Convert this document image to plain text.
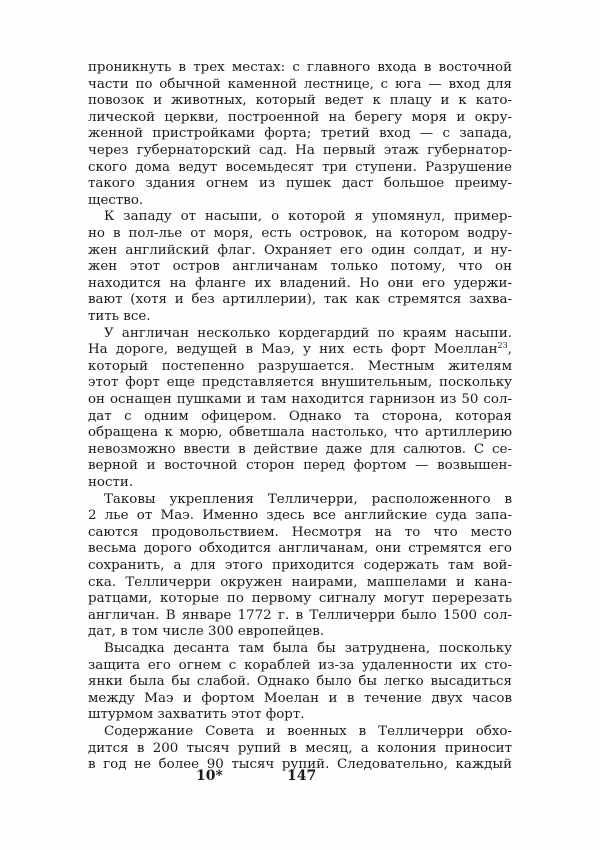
проникнуть в трех местах: с главного входа в восточной
части по обычной каменной лестнице, с юга — вход для
повозок и животных, который ведет к плацу и к като-
лической церкви, построенной на берегу моря и окру-
женной пристройками форта; третий вход — с запада,
через губернаторский сад. На первый этаж губернатор-
ского дома ведут восемьдесят три ступени. Разрушение
такого здания огнем из пушек даст большое преиму-
щество.
К западу от насыпи, о которой я упомянул, пример-
но в пол-лье от моря, есть островок, на котором водру-
жен английский флаг. Охраняет его один солдат, и ну-
жен этот остров англичанам только потому, что он
находится на фланге их владений. Но они его удержи-
вают (хотя и без артиллерии), так как стремятся захва-
тить все.
У англичан несколько кордегардий по краям насыпи.
На дороге, ведущей в Маэ, у них есть форт Моеллан$^{23}$,
который постепенно разрушается. Местным жителям
этот форт еще представляется внушительным, поскольку
он оснащен пушками и там находится гарнизон из 50 сол-
дат с одним офицером. Однако та сторона, которая
обращена к морю, обветшала настолько, что артиллерию
невозможно ввести в действие даже для салютов. С се-
верной и восточной сторон перед фортом — возвышен-
ности.
Таковы укрепления Телличерри, расположенного в
2 лье от Маэ. Именно здесь все английские суда запа-
саются продовольствием. Несмотря на то что место
весьма дорого обходится англичанам, они стремятся его
сохранить, а для этого приходится содержать там вой-
ска. Телличерри окружен наирами, маппелами и кана-
ратцами, которые по первому сигналу могут перерезать
англичан. В январе 1772 г. в Телличерри было 1500 сол-
дат, в том числе 300 европейцев.
Высадка десанта там была бы затруднена, поскольку
защита его огнем с кораблей из-за удаленности их сто-
янки была бы слабой. Однако было бы легко высадиться
между Маэ и фортом Моелан и в течение двух часов
штурмом захватить этот форт.
Содержание Совета и военных в Телличерри обхо-
дится в 200 тысяч рупий в месяц, а колония приносит
в год не более 90 тысяч рупий. Следовательно, каждый
10*	147
